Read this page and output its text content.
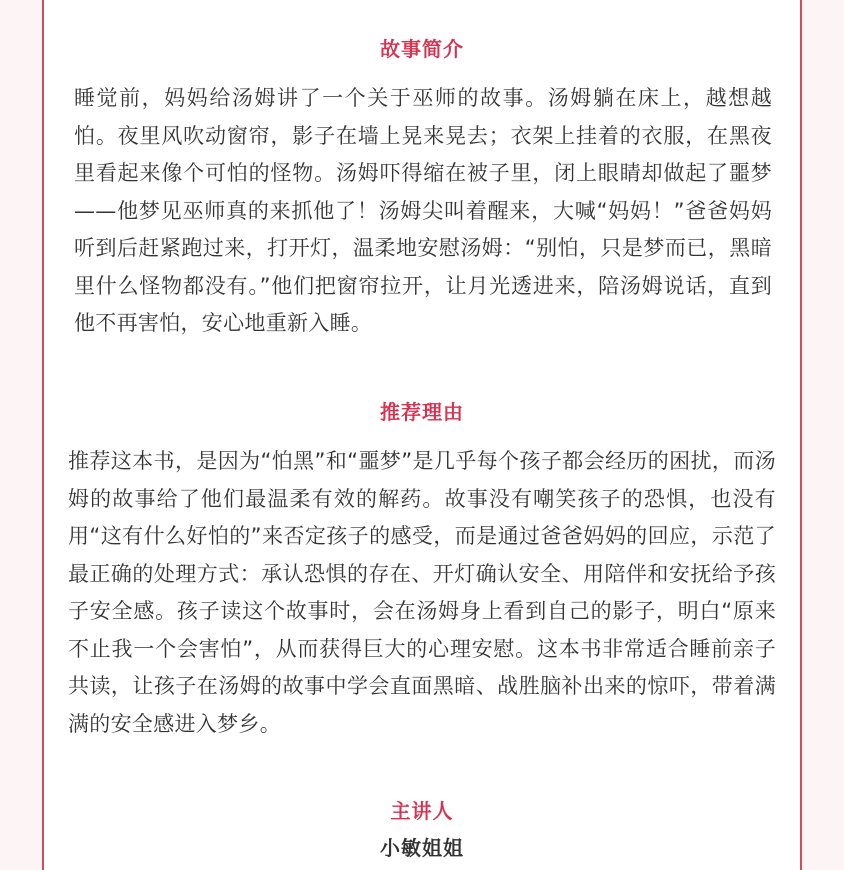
故事简介

睡觉前，妈妈给汤姆讲了一个关于巫师的故事。汤姆躺在床上，越想越怕。夜里风吹动窗帘，影子在墙上晃来晃去；衣架上挂着的衣服，在黑夜里看起来像个可怕的怪物。汤姆吓得缩在被子里，闭上眼睛却做起了噩梦——他梦见巫师真的来抓他了！汤姆尖叫着醒来，大喊“妈妈！”爸爸妈妈听到后赶紧跑过来，打开灯，温柔地安慰汤姆：“别怕，只是梦而已，黑暗里什么怪物都没有。”他们把窗帘拉开，让月光透进来，陪汤姆说话，直到他不再害怕，安心地重新入睡。

推荐理由

推荐这本书，是因为“怕黑”和“噩梦”是几乎每个孩子都会经历的困扰，而汤姆的故事给了他们最温柔有效的解药。故事没有嘲笑孩子的恐惧，也没有用“这有什么好怕的”来否定孩子的感受，而是通过爸爸妈妈的回应，示范了最正确的处理方式：承认恐惧的存在、开灯确认安全、用陪伴和安抚给予孩子安全感。孩子读这个故事时，会在汤姆身上看到自己的影子，明白“原来不止我一个会害怕”，从而获得巨大的心理安慰。这本书非常适合睡前亲子共读，让孩子在汤姆的故事中学会直面黑暗、战胜脑补出来的惊吓，带着满满的安全感进入梦乡。

主讲人
小敏姐姐
